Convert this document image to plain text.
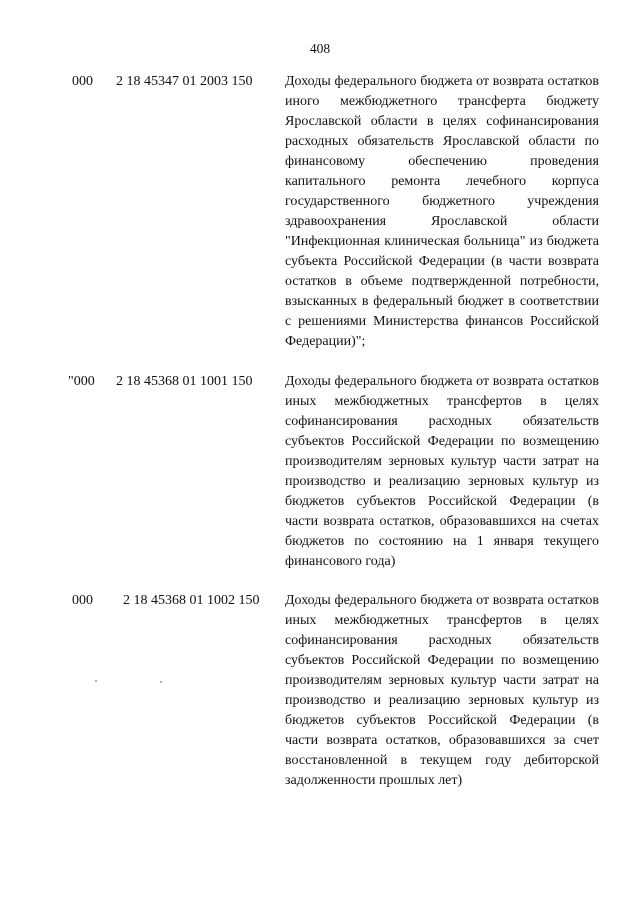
408
000 2 18 45347 01 2003 150 Доходы федерального бюджета от возврата остатков иного межбюджетного трансферта бюджету Ярославской области в целях софинансирования расходных обязательств Ярославской области по финансовому обеспечению проведения капитального ремонта лечебного корпуса государственного бюджетного учреждения здравоохранения Ярославской области "Инфекционная клиническая больница" из бюджета субъекта Российской Федерации (в части возврата остатков в объеме подтвержденной потребности, взысканных в федеральный бюджет в соответствии с решениями Министерства финансов Российской Федерации)";

"000 2 18 45368 01 1001 150 Доходы федерального бюджета от возврата остатков иных межбюджетных трансфертов в целях софинансирования расходных обязательств субъектов Российской Федерации по возмещению производителям зерновых культур части затрат на производство и реализацию зерновых культур из бюджетов субъектов Российской Федерации (в части возврата остатков, образовавшихся на счетах бюджетов по состоянию на 1 января текущего финансового года)

000 2 18 45368 01 1002 150 Доходы федерального бюджета от возврата остатков иных межбюджетных трансфертов в целях софинансирования расходных обязательств субъектов Российской Федерации по возмещению производителям зерновых культур части затрат на производство и реализацию зерновых культур из бюджетов субъектов Российской Федерации (в части возврата остатков, образовавшихся за счет восстановленной в текущем году дебиторской задолженности прошлых лет)
